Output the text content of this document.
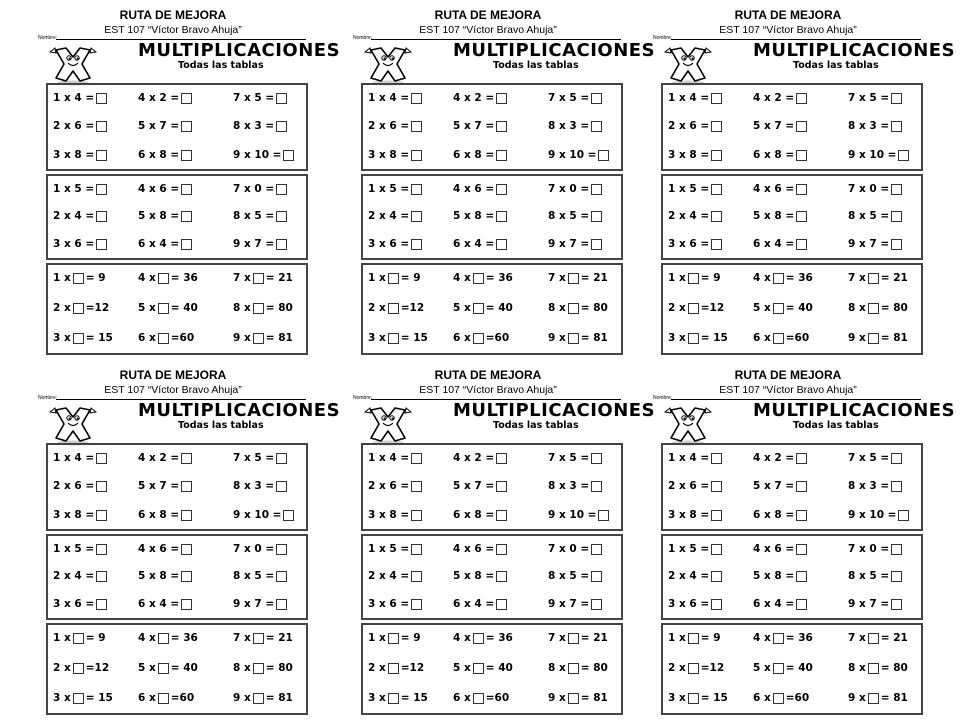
RUTA DE MEJORA
EST 107 “Víctor Bravo Ahuja”
Nombre:
MULTIPLICACIONES
Todas las tablas
1 x 4 =	4 x 2 =	7 x 5 =
2 x 6 =	5 x 7 =	8 x 3 =
3 x 8 =	6 x 8 =	9 x 10 =
1 x 5 =	4 x 6 =	7 x 0 =
2 x 4 =	5 x 8 =	8 x 5 =
3 x 6 =	6 x 4 =	9 x 7 =
1 x = 9	4 x = 36	7 x = 21
2 x =12	5 x = 40	8 x = 80
3 x = 15 6 x =60	9 x = 81
RUTA DE MEJORA
EST 107 “Víctor Bravo Ahuja”
Nombre:
MULTIPLICACIONES
Todas las tablas
1 x 4 =	4 x 2 =	7 x 5 =
2 x 6 =	5 x 7 =	8 x 3 =
3 x 8 =	6 x 8 =	9 x 10 =
1 x 5 =	4 x 6 =	7 x 0 =
2 x 4 =	5 x 8 =	8 x 5 =
3 x 6 =	6 x 4 =	9 x 7 =
1 x = 9	4 x = 36	7 x = 21
2 x =12	5 x = 40	8 x = 80
3 x = 15 6 x =60	9 x = 81
RUTA DE MEJORA
EST 107 “Víctor Bravo Ahuja”
Nombre:
MULTIPLICACIONES
Todas las tablas
1 x 4 =	4 x 2 =	7 x 5 =
2 x 6 =	5 x 7 =	8 x 3 =
3 x 8 =	6 x 8 =	9 x 10 =
1 x 5 =	4 x 6 =	7 x 0 =
2 x 4 =	5 x 8 =	8 x 5 =
3 x 6 =	6 x 4 =	9 x 7 =
1 x = 9	4 x = 36	7 x = 21
2 x =12	5 x = 40	8 x = 80
3 x = 15 6 x =60	9 x = 81
RUTA DE MEJORA
EST 107 “Víctor Bravo Ahuja”
Nombre:
MULTIPLICACIONES
Todas las tablas
1 x 4 =	4 x 2 =	7 x 5 =
2 x 6 =	5 x 7 =	8 x 3 =
3 x 8 =	6 x 8 =	9 x 10 =
1 x 5 =	4 x 6 =	7 x 0 =
2 x 4 =	5 x 8 =	8 x 5 =
3 x 6 =	6 x 4 =	9 x 7 =
1 x = 9	4 x = 36	7 x = 21
2 x =12	5 x = 40	8 x = 80
3 x = 15 6 x =60	9 x = 81
RUTA DE MEJORA
EST 107 “Víctor Bravo Ahuja”
Nombre:
MULTIPLICACIONES
Todas las tablas
1 x 4 =	4 x 2 =	7 x 5 =
2 x 6 =	5 x 7 =	8 x 3 =
3 x 8 =	6 x 8 =	9 x 10 =
1 x 5 =	4 x 6 =	7 x 0 =
2 x 4 =	5 x 8 =	8 x 5 =
3 x 6 =	6 x 4 =	9 x 7 =
1 x = 9	4 x = 36	7 x = 21
2 x =12	5 x = 40	8 x = 80
3 x = 15 6 x =60	9 x = 81
RUTA DE MEJORA
EST 107 “Víctor Bravo Ahuja”
Nombre:
MULTIPLICACIONES
Todas las tablas
1 x 4 =	4 x 2 =	7 x 5 =
2 x 6 =	5 x 7 =	8 x 3 =
3 x 8 =	6 x 8 =	9 x 10 =
1 x 5 =	4 x 6 =	7 x 0 =
2 x 4 =	5 x 8 =	8 x 5 =
3 x 6 =	6 x 4 =	9 x 7 =
1 x = 9	4 x = 36	7 x = 21
2 x =12	5 x = 40	8 x = 80
3 x = 15 6 x =60	9 x = 81
